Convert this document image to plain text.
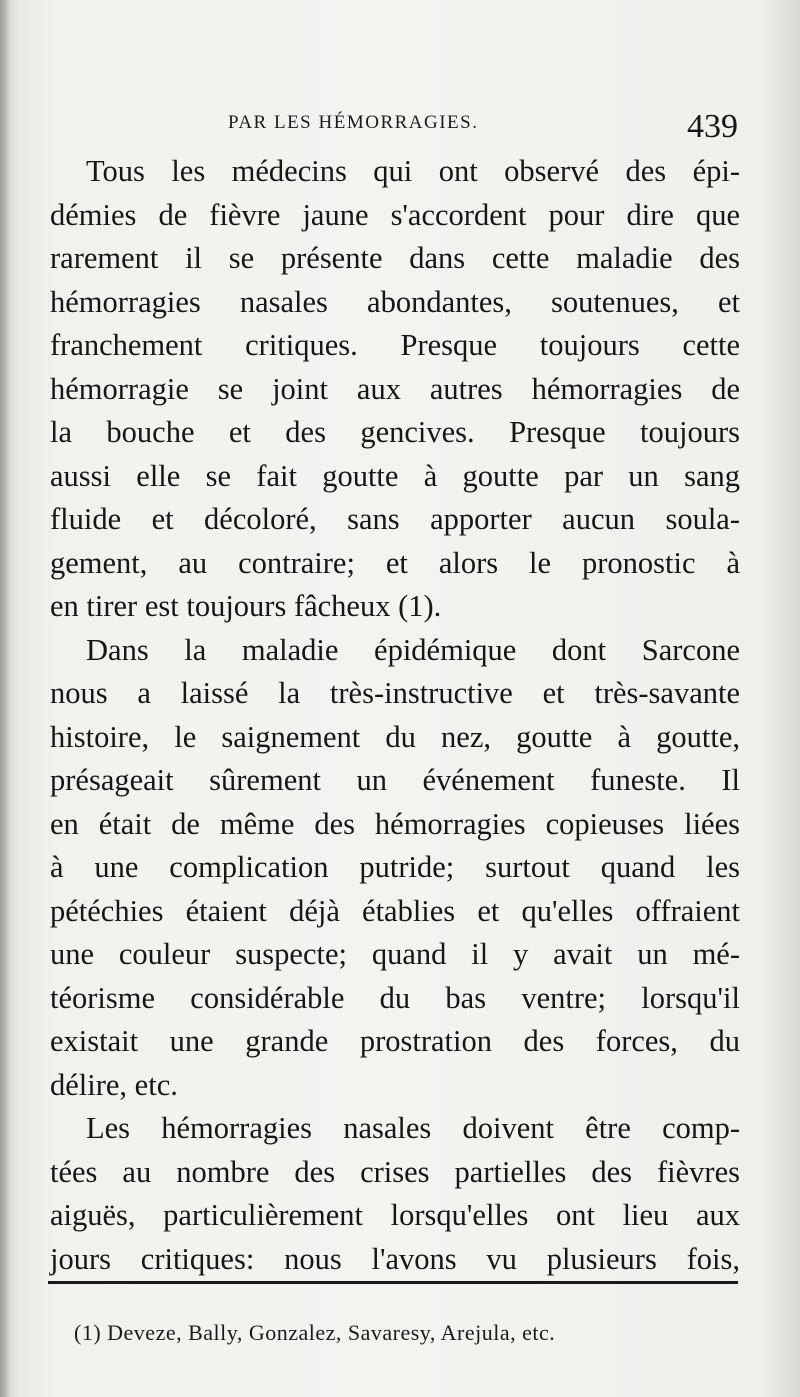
PAR LES HÉMORRAGIES.	439
Tous les médecins qui ont observé des épi-
démies de fièvre jaune s'accordent pour dire que
rarement il se présente dans cette maladie des
hémorragies nasales abondantes, soutenues, et
franchement critiques. Presque toujours cette
hémorragie se joint aux autres hémorragies de
la bouche et des gencives. Presque toujours
aussi elle se fait goutte à goutte par un sang
fluide et décoloré, sans apporter aucun soula-
gement, au contraire; et alors le pronostic à
en tirer est toujours fâcheux (1).
Dans la maladie épidémique dont Sarcone
nous a laissé la très-instructive et très-savante
histoire, le saignement du nez, goutte à goutte,
présageait sûrement un événement funeste. Il
en était de même des hémorragies copieuses liées
à une complication putride; surtout quand les
pétéchies étaient déjà établies et qu'elles offraient
une couleur suspecte; quand il y avait un mé-
téorisme considérable du bas ventre; lorsqu'il
existait une grande prostration des forces, du
délire, etc.
Les hémorragies nasales doivent être comp-
tées au nombre des crises partielles des fièvres
aiguës, particulièrement lorsqu'elles ont lieu aux
jours critiques: nous l'avons vu plusieurs fois,
(1) Deveze, Bally, Gonzalez, Savaresy, Arejula, etc.
